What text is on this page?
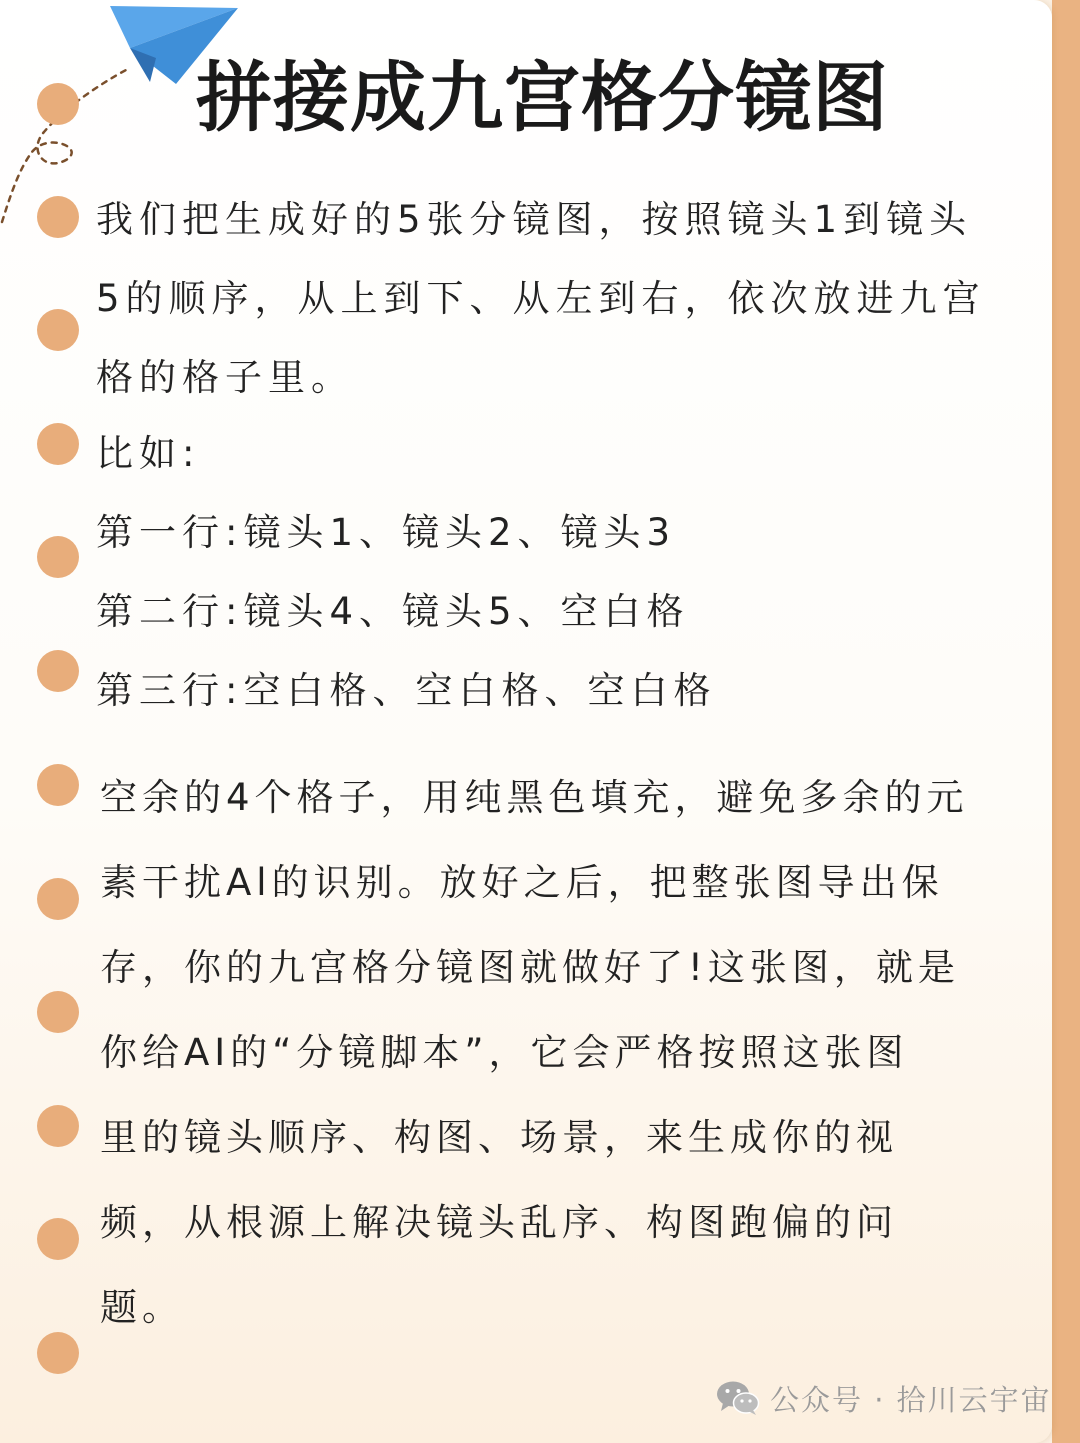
拼接成九宫格分镜图
我们把生成好的5张分镜图，按照镜头1到镜头
5的顺序，从上到下、从左到右，依次放进九宫
格的格子里。
比如:
第一行:镜头1、镜头2、镜头3
第二行:镜头4、镜头5、空白格
第三行:空白格、空白格、空白格
空余的4个格子，用纯黑色填充，避免多余的元
素干扰Al的识别。放好之后，把整张图导出保
存，你的九宫格分镜图就做好了!这张图，就是
你给AI的“分镜脚本”，它会严格按照这张图
里的镜头顺序、构图、场景，来生成你的视
频，从根源上解决镜头乱序、构图跑偏的问
题。
公众号 · 拾川云宇宙
